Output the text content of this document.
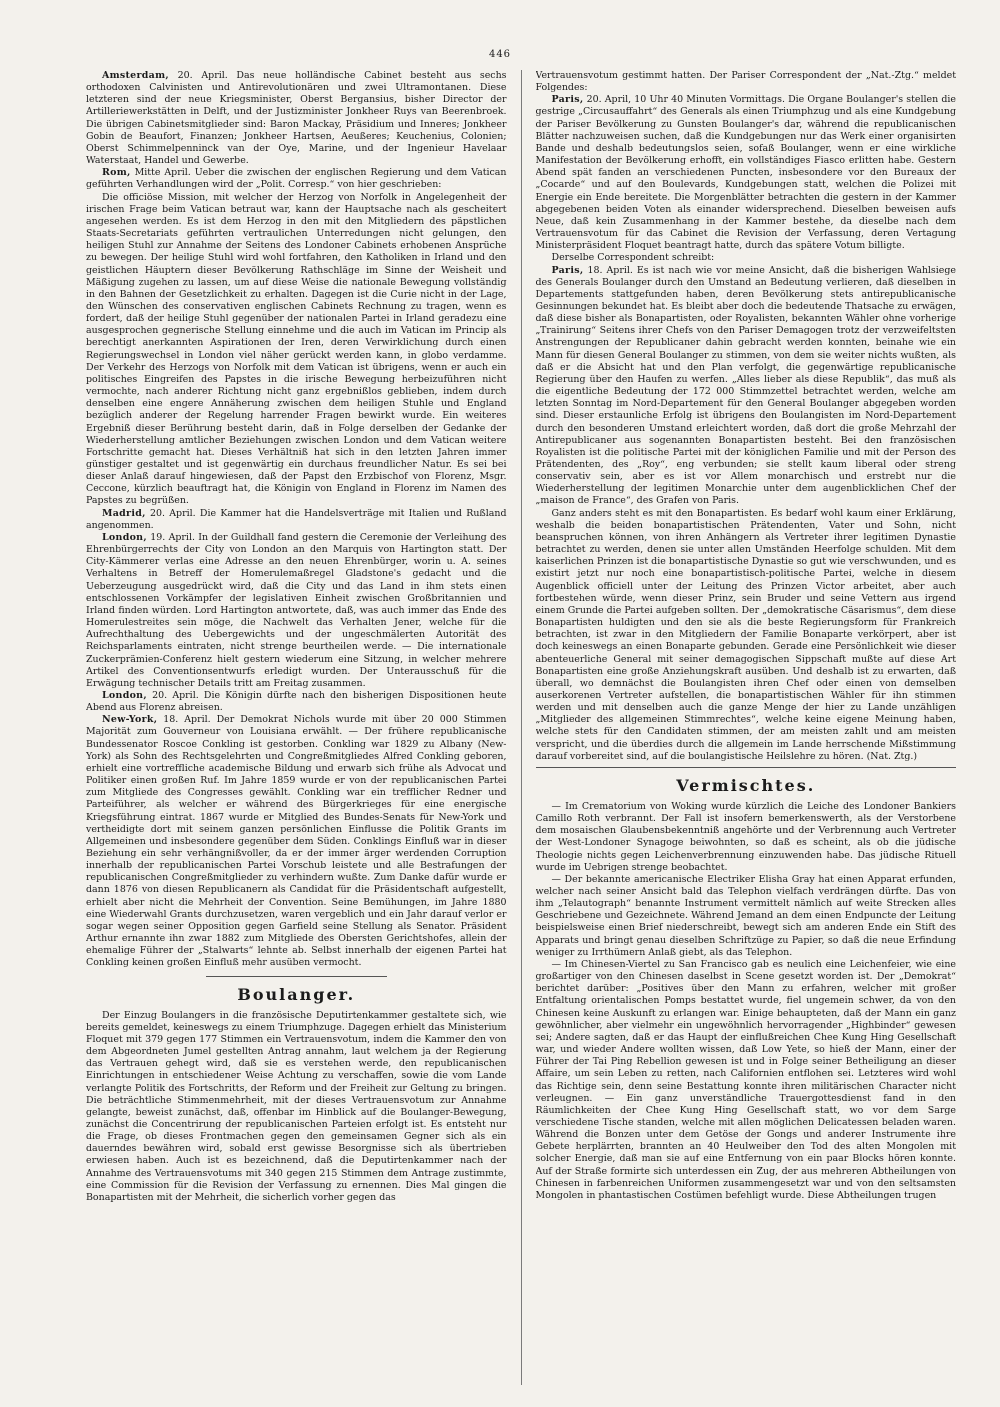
446

Amsterdam, 20. April. Das neue holländische Cabinet besteht aus sechs orthodoxen Calvinisten und Antirevolutionären und zwei Ultramontanen. Diese letzteren sind der neue Kriegsminister, Oberst Bergansius, bisher Director der Artilleriewerkstätten in Delft, und der Justizminister Jonkheer Ruys van Beerenbroek. Die übrigen Cabinetsmitglieder sind: Baron Mackay, Präsidium und Inneres; Jonkheer Gobin de Beaufort, Finanzen; Jonkheer Hartsen, Aeußeres; Keuchenius, Colonien; Oberst Schimmelpenninck van der Oye, Marine, und der Ingenieur Havelaar Waterstaat, Handel und Gewerbe.

Rom, Mitte April. Ueber die zwischen der englischen Regierung und dem Vatican geführten Verhandlungen wird der „Polit. Corresp.“ von hier geschrieben:

Die officiöse Mission, mit welcher der Herzog von Norfolk in Angelegenheit der irischen Frage beim Vatican betraut war, kann der Hauptsache nach als gescheitert angesehen werden. Es ist dem Herzog in den mit den Mitgliedern des päpstlichen Staats-Secretariats geführten vertraulichen Unterredungen nicht gelungen, den heiligen Stuhl zur Annahme der Seitens des Londoner Cabinets erhobenen Ansprüche zu bewegen. Der heilige Stuhl wird wohl fortfahren, den Katholiken in Irland und den geistlichen Häuptern dieser Bevölkerung Rathschläge im Sinne der Weisheit und Mäßigung zugehen zu lassen, um auf diese Weise die nationale Bewegung vollständig in den Bahnen der Gesetzlichkeit zu erhalten. Dagegen ist die Curie nicht in der Lage, den Wünschen des conservativen englischen Cabinets Rechnung zu tragen, wenn es fordert, daß der heilige Stuhl gegenüber der nationalen Partei in Irland geradezu eine ausgesprochen gegnerische Stellung einnehme und die auch im Vatican im Princip als berechtigt anerkannten Aspirationen der Iren, deren Verwirklichung durch einen Regierungswechsel in London viel näher gerückt werden kann, in globo verdamme. Der Verkehr des Herzogs von Norfolk mit dem Vatican ist übrigens, wenn er auch ein politisches Eingreifen des Papstes in die irische Bewegung herbeizuführen nicht vermochte, nach anderer Richtung nicht ganz ergebnißlos geblieben, indem durch denselben eine engere Annäherung zwischen dem heiligen Stuhle und England bezüglich anderer der Regelung harrender Fragen bewirkt wurde. Ein weiteres Ergebniß dieser Berührung besteht darin, daß in Folge derselben der Gedanke der Wiederherstellung amtlicher Beziehungen zwischen London und dem Vatican weitere Fortschritte gemacht hat. Dieses Verhältniß hat sich in den letzten Jahren immer günstiger gestaltet und ist gegenwärtig ein durchaus freundlicher Natur. Es sei bei dieser Anlaß darauf hingewiesen, daß der Papst den Erzbischof von Florenz, Msgr. Ceccone, kürzlich beauftragt hat, die Königin von England in Florenz im Namen des Papstes zu begrüßen.

Madrid, 20. April. Die Kammer hat die Handelsverträge mit Italien und Rußland angenommen.

London, 19. April. In der Guildhall fand gestern die Ceremonie der Verleihung des Ehrenbürgerrechts der City von London an den Marquis von Hartington statt. Der City-Kämmerer verlas eine Adresse an den neuen Ehrenbürger, worin u. A. seines Verhaltens in Betreff der Homerulemaßregel Gladstone's gedacht und die Ueberzeugung ausgedrückt wird, daß die City und das Land in ihm stets einen entschlossenen Vorkämpfer der legislativen Einheit zwischen Großbritannien und Irland finden würden. Lord Hartington antwortete, daß, was auch immer das Ende des Homerulestreites sein möge, die Nachwelt das Verhalten Jener, welche für die Aufrechthaltung des Uebergewichts und der ungeschmälerten Autorität des Reichsparlaments eintraten, nicht strenge beurtheilen werde. — Die internationale Zuckerprämien-Conferenz hielt gestern wiederum eine Sitzung, in welcher mehrere Artikel des Conventionsentwurfs erledigt wurden. Der Unterausschuß für die Erwägung technischer Details tritt am Freitag zusammen.

London, 20. April. Die Königin dürfte nach den bisherigen Dispositionen heute Abend aus Florenz abreisen.

New-York, 18. April. Der Demokrat Nichols wurde mit über 20 000 Stimmen Majorität zum Gouverneur von Louisiana erwählt. — Der frühere republicanische Bundessenator Roscoe Conkling ist gestorben. Conkling war 1829 zu Albany (New-York) als Sohn des Rechtsgelehrten und Congreßmitgliedes Alfred Conkling geboren, erhielt eine vortreffliche academische Bildung und erwarb sich frühe als Advocat und Politiker einen großen Ruf. Im Jahre 1859 wurde er von der republicanischen Partei zum Mitgliede des Congresses gewählt. Conkling war ein trefflicher Redner und Parteiführer, als welcher er während des Bürgerkrieges für eine energische Kriegsführung eintrat. 1867 wurde er Mitglied des Bundes-Senats für New-York und vertheidigte dort mit seinem ganzen persönlichen Einflusse die Politik Grants im Allgemeinen und insbesondere gegenüber dem Süden. Conklings Einfluß war in dieser Beziehung ein sehr verhängnißvoller, da er der immer ärger werdenden Corruption innerhalb der republicanischen Partei Vorschub leistete und alle Bestrafungen der republicanischen Congreßmitglieder zu verhindern wußte. Zum Danke dafür wurde er dann 1876 von diesen Republicanern als Candidat für die Präsidentschaft aufgestellt, erhielt aber nicht die Mehrheit der Convention. Seine Bemühungen, im Jahre 1880 eine Wiederwahl Grants durchzusetzen, waren vergeblich und ein Jahr darauf verlor er sogar wegen seiner Opposition gegen Garfield seine Stellung als Senator. Präsident Arthur ernannte ihn zwar 1882 zum Mitgliede des Obersten Gerichtshofes, allein der ehemalige Führer der „Stalwarts“ lehnte ab. Selbst innerhalb der eigenen Partei hat Conkling keinen großen Einfluß mehr ausüben vermocht.

Boulanger.

Der Einzug Boulangers in die französische Deputirtenkammer gestaltete sich, wie bereits gemeldet, keineswegs zu einem Triumphzuge. Dagegen erhielt das Ministerium Floquet mit 379 gegen 177 Stimmen ein Vertrauensvotum, indem die Kammer den von dem Abgeordneten Jumel gestellten Antrag annahm, laut welchem ja der Regierung das Vertrauen gehegt wird, daß sie es verstehen werde, den republicanischen Einrichtungen in entschiedener Weise Achtung zu verschaffen, sowie die vom Lande verlangte Politik des Fortschritts, der Reform und der Freiheit zur Geltung zu bringen. Die beträchtliche Stimmenmehrheit, mit der dieses Vertrauensvotum zur Annahme gelangte, beweist zunächst, daß, offenbar im Hinblick auf die Boulanger-Bewegung, zunächst die Concentrirung der republicanischen Parteien erfolgt ist. Es entsteht nur die Frage, ob dieses Frontmachen gegen den gemeinsamen Gegner sich als ein dauerndes bewähren wird, sobald erst gewisse Besorgnisse sich als übertrieben erwiesen haben. Auch ist es bezeichnend, daß die Deputirtenkammer nach der Annahme des Vertrauensvotums mit 340 gegen 215 Stimmen dem Antrage zustimmte, eine Commission für die Revision der Verfassung zu ernennen. Dies Mal gingen die Bonapartisten mit der Mehrheit, die sicherlich vorher gegen das

Vertrauensvotum gestimmt hatten. Der Pariser Correspondent der „Nat.-Ztg.“ meldet Folgendes:

Paris, 20. April, 10 Uhr 40 Minuten Vormittags. Die Organe Boulanger's stellen die gestrige „Circusauffahrt“ des Generals als einen Triumphzug und als eine Kundgebung der Pariser Bevölkerung zu Gunsten Boulanger's dar, während die republicanischen Blätter nachzuweisen suchen, daß die Kundgebungen nur das Werk einer organisirten Bande und deshalb bedeutungslos seien, sofaß Boulanger, wenn er eine wirkliche Manifestation der Bevölkerung erhofft, ein vollständiges Fiasco erlitten habe. Gestern Abend spät fanden an verschiedenen Puncten, insbesondere vor den Bureaux der „Cocarde“ und auf den Boulevards, Kundgebungen statt, welchen die Polizei mit Energie ein Ende bereitete. Die Morgenblätter betrachten die gestern in der Kammer abgegebenen beiden Voten als einander widersprechend. Dieselben beweisen aufs Neue, daß kein Zusammenhang in der Kammer bestehe, da dieselbe nach dem Vertrauensvotum für das Cabinet die Revision der Verfassung, deren Vertagung Ministerpräsident Floquet beantragt hatte, durch das spätere Votum billigte.

Derselbe Correspondent schreibt:

Paris, 18. April. Es ist nach wie vor meine Ansicht, daß die bisherigen Wahlsiege des Generals Boulanger durch den Umstand an Bedeutung verlieren, daß dieselben in Departements stattgefunden haben, deren Bevölkerung stets antirepublicanische Gesinnungen bekundet hat. Es bleibt aber doch die bedeutende Thatsache zu erwägen, daß diese bisher als Bonapartisten, oder Royalisten, bekannten Wähler ohne vorherige „Trainirung“ Seitens ihrer Chefs von den Pariser Demagogen trotz der verzweifeltsten Anstrengungen der Republicaner dahin gebracht werden konnten, beinahe wie ein Mann für diesen General Boulanger zu stimmen, von dem sie weiter nichts wußten, als daß er die Absicht hat und den Plan verfolgt, die gegenwärtige republicanische Regierung über den Haufen zu werfen. „Alles lieber als diese Republik“, das muß als die eigentliche Bedeutung der 172 000 Stimmzettel betrachtet werden, welche am letzten Sonntag im Nord-Departement für den General Boulanger abgegeben worden sind. Dieser erstaunliche Erfolg ist übrigens den Boulangisten im Nord-Departement durch den besonderen Umstand erleichtert worden, daß dort die große Mehrzahl der Antirepublicaner aus sogenannten Bonapartisten besteht. Bei den französischen Royalisten ist die politische Partei mit der königlichen Familie und mit der Person des Prätendenten, des „Roy“, eng verbunden; sie stellt kaum liberal oder streng conservativ sein, aber es ist vor Allem monarchisch und erstrebt nur die Wiederherstellung der legitimen Monarchie unter dem augenblicklichen Chef der „maison de France“, des Grafen von Paris.

Ganz anders steht es mit den Bonapartisten. Es bedarf wohl kaum einer Erklärung, weshalb die beiden bonapartistischen Prätendenten, Vater und Sohn, nicht beanspruchen können, von ihren Anhängern als Vertreter ihrer legitimen Dynastie betrachtet zu werden, denen sie unter allen Umständen Heerfolge schulden. Mit dem kaiserlichen Prinzen ist die bonapartistische Dynastie so gut wie verschwunden, und es existirt jetzt nur noch eine bonapartistisch-politische Partei, welche in diesem Augenblick officiell unter der Leitung des Prinzen Victor arbeitet, aber auch fortbestehen würde, wenn dieser Prinz, sein Bruder und seine Vettern aus irgend einem Grunde die Partei aufgeben sollten. Der „demokratische Cäsarismus“, dem diese Bonapartisten huldigten und den sie als die beste Regierungsform für Frankreich betrachten, ist zwar in den Mitgliedern der Familie Bonaparte verkörpert, aber ist doch keineswegs an einen Bonaparte gebunden. Gerade eine Persönlichkeit wie dieser abenteuerliche General mit seiner demagogischen Sippschaft mußte auf diese Art Bonapartisten eine große Anziehungskraft ausüben. Und deshalb ist zu erwarten, daß überall, wo demnächst die Boulangisten ihren Chef oder einen von demselben auserkorenen Vertreter aufstellen, die bonapartistischen Wähler für ihn stimmen werden und mit denselben auch die ganze Menge der hier zu Lande unzähligen „Mitglieder des allgemeinen Stimmrechtes“, welche keine eigene Meinung haben, welche stets für den Candidaten stimmen, der am meisten zahlt und am meisten verspricht, und die überdies durch die allgemein im Lande herrschende Mißstimmung darauf vorbereitet sind, auf die boulangistische Heilslehre zu hören. (Nat. Ztg.)

Vermischtes.

— Im Crematorium von Woking wurde kürzlich die Leiche des Londoner Bankiers Camillo Roth verbrannt. Der Fall ist insofern bemerkenswerth, als der Verstorbene dem mosaischen Glaubensbekenntniß angehörte und der Verbrennung auch Vertreter der West-Londoner Synagoge beiwohnten, so daß es scheint, als ob die jüdische Theologie nichts gegen Leichenverbrennung einzuwenden habe. Das jüdische Rituell wurde im Uebrigen strenge beobachtet.

— Der bekannte americanische Electriker Elisha Gray hat einen Apparat erfunden, welcher nach seiner Ansicht bald das Telephon vielfach verdrängen dürfte. Das von ihm „Telautograph“ benannte Instrument vermittelt nämlich auf weite Strecken alles Geschriebene und Gezeichnete. Während Jemand an dem einen Endpuncte der Leitung beispielsweise einen Brief niederschreibt, bewegt sich am anderen Ende ein Stift des Apparats und bringt genau dieselben Schriftzüge zu Papier, so daß die neue Erfindung weniger zu Irrthümern Anlaß giebt, als das Telephon.

— Im Chinesen-Viertel zu San Francisco gab es neulich eine Leichenfeier, wie eine großartiger von den Chinesen daselbst in Scene gesetzt worden ist. Der „Demokrat“ berichtet darüber: „Positives über den Mann zu erfahren, welcher mit großer Entfaltung orientalischen Pomps bestattet wurde, fiel ungemein schwer, da von den Chinesen keine Auskunft zu erlangen war. Einige behaupteten, daß der Mann ein ganz gewöhnlicher, aber vielmehr ein ungewöhnlich hervorragender „Highbinder“ gewesen sei; Andere sagten, daß er das Haupt der einflußreichen Chee Kung Hing Gesellschaft war, und wieder Andere wollten wissen, daß Low Yete, so hieß der Mann, einer der Führer der Tai Ping Rebellion gewesen ist und in Folge seiner Betheiligung an dieser Affaire, um sein Leben zu retten, nach Californien entflohen sei. Letzteres wird wohl das Richtige sein, denn seine Bestattung konnte ihren militärischen Character nicht verleugnen. — Ein ganz unverständliche Trauergottesdienst fand in den Räumlichkeiten der Chee Kung Hing Gesellschaft statt, wo vor dem Sarge verschiedene Tische standen, welche mit allen möglichen Delicatessen beladen waren. Während die Bonzen unter dem Getöse der Gongs und anderer Instrumente ihre Gebete herplärrten, brannten an 40 Heulweiber den Tod des alten Mongolen mit solcher Energie, daß man sie auf eine Entfernung von ein paar Blocks hören konnte. Auf der Straße formirte sich unterdessen ein Zug, der aus mehreren Abtheilungen von Chinesen in farbenreichen Uniformen zusammengesetzt war und von den seltsamsten Mongolen in phantastischen Costümen befehligt wurde. Diese Abtheilungen trugen
